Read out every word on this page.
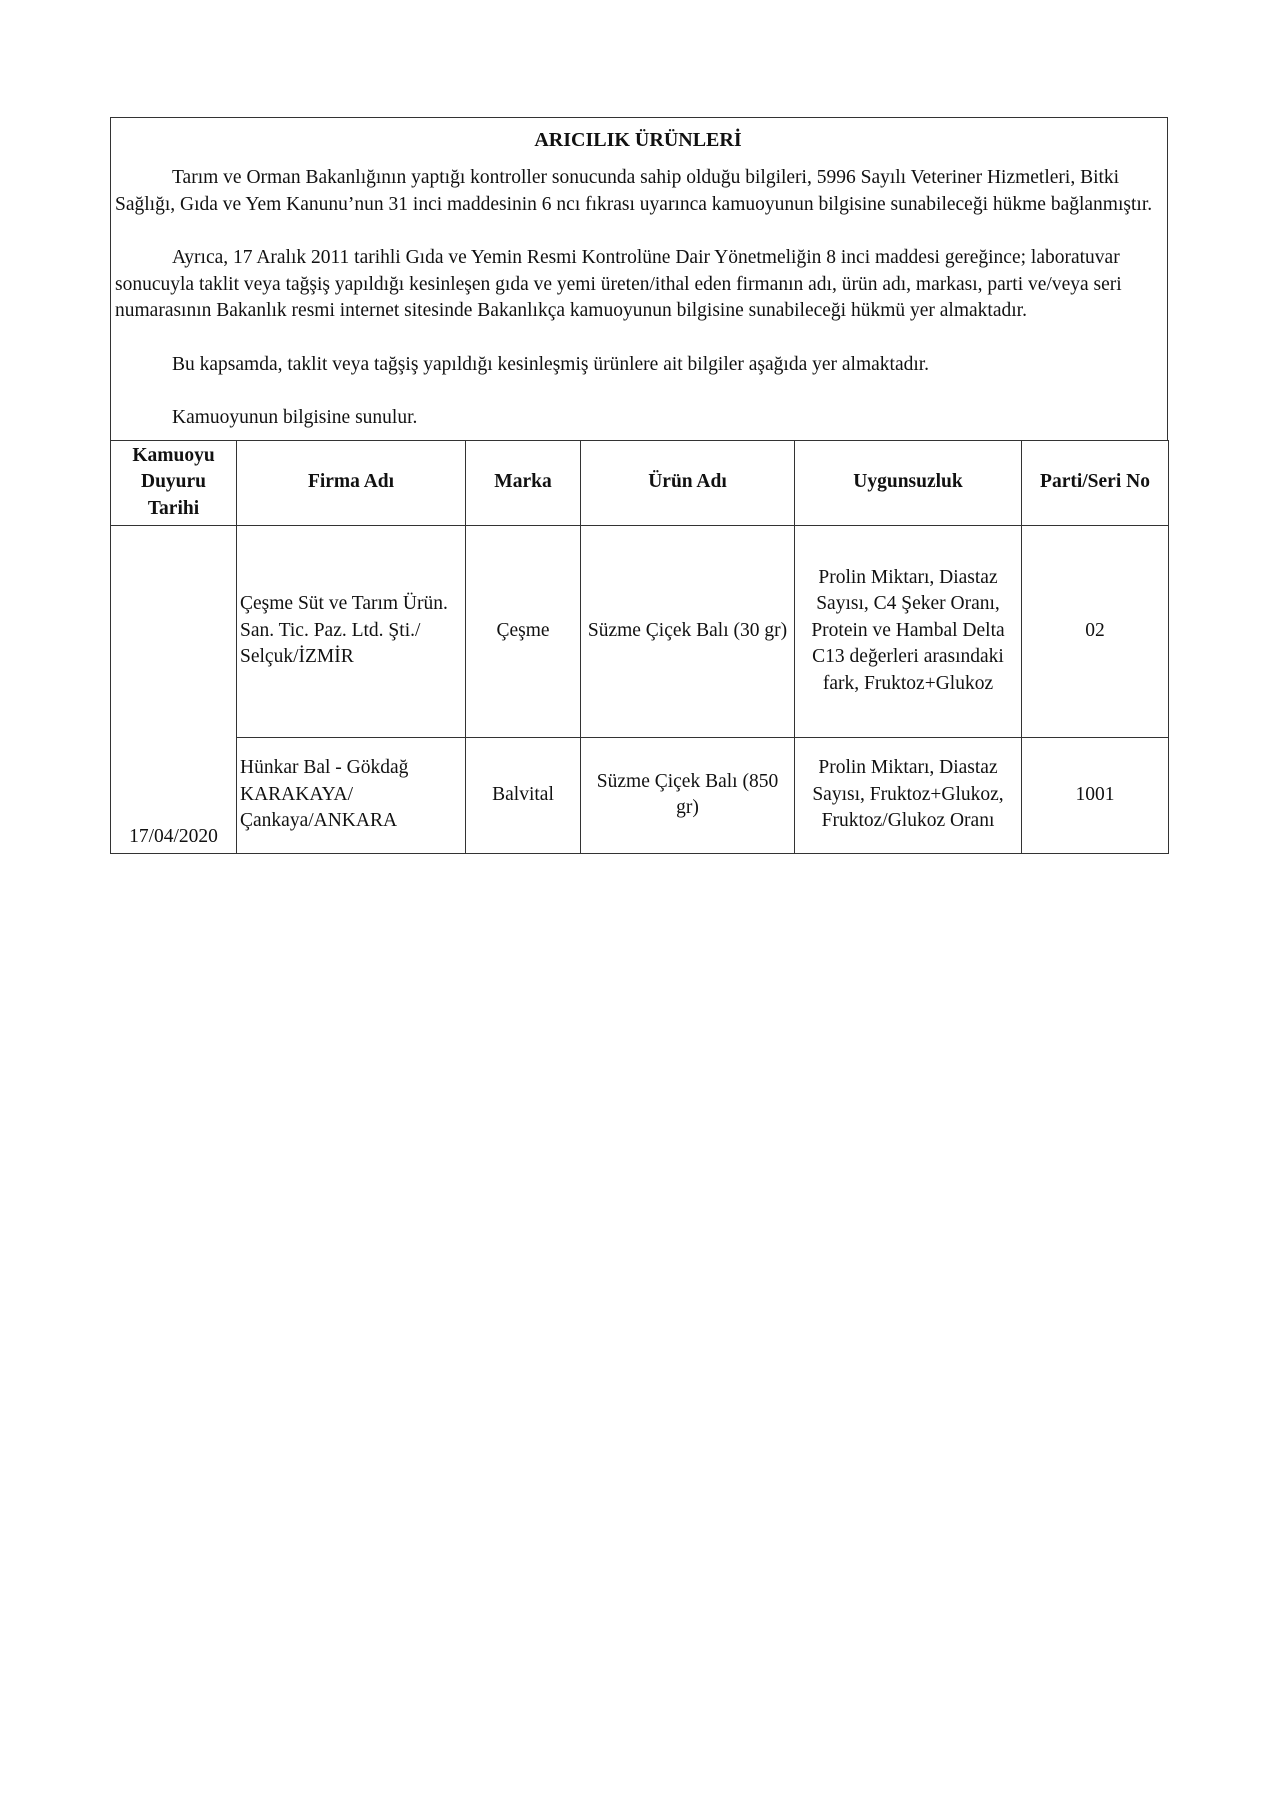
ARICILIK ÜRÜNLERİ

Tarım ve Orman Bakanlığının yaptığı kontroller sonucunda sahip olduğu bilgileri, 5996 Sayılı Veteriner Hizmetleri, Bitki Sağlığı, Gıda ve Yem Kanunu’nun 31 inci maddesinin 6 ncı fıkrası uyarınca kamuoyunun bilgisine sunabileceği hükme bağlanmıştır.

Ayrıca, 17 Aralık 2011 tarihli Gıda ve Yemin Resmi Kontrolüne Dair Yönetmeliğin 8 inci maddesi gereğince; laboratuvar sonucuyla taklit veya tağşiş yapıldığı kesinleşen gıda ve yemi üreten/ithal eden firmanın adı, ürün adı, markası, parti ve/veya seri numarasının Bakanlık resmi internet sitesinde Bakanlıkça kamuoyunun bilgisine sunabileceği hükmü yer almaktadır.

Bu kapsamda, taklit veya tağşiş yapıldığı kesinleşmiş ürünlere ait bilgiler aşağıda yer almaktadır.

Kamuoyunun bilgisine sunulur.

Kamuoyu Duyuru Tarihi	Firma Adı	Marka	Ürün Adı	Uygunsuzluk	Parti/Seri No
17/04/2020	Çeşme Süt ve Tarım Ürün. San. Tic. Paz. Ltd. Şti./ Selçuk/İZMİR	Çeşme	Süzme Çiçek Balı (30 gr)	Prolin Miktarı, Diastaz Sayısı, C4 Şeker Oranı, Protein ve Hambal Delta C13 değerleri arasındaki fark, Fruktoz+Glukoz	02
	Hünkar Bal - Gökdağ KARAKAYA/ Çankaya/ANKARA	Balvital	Süzme Çiçek Balı (850 gr)	Prolin Miktarı, Diastaz Sayısı, Fruktoz+Glukoz, Fruktoz/Glukoz Oranı	1001
